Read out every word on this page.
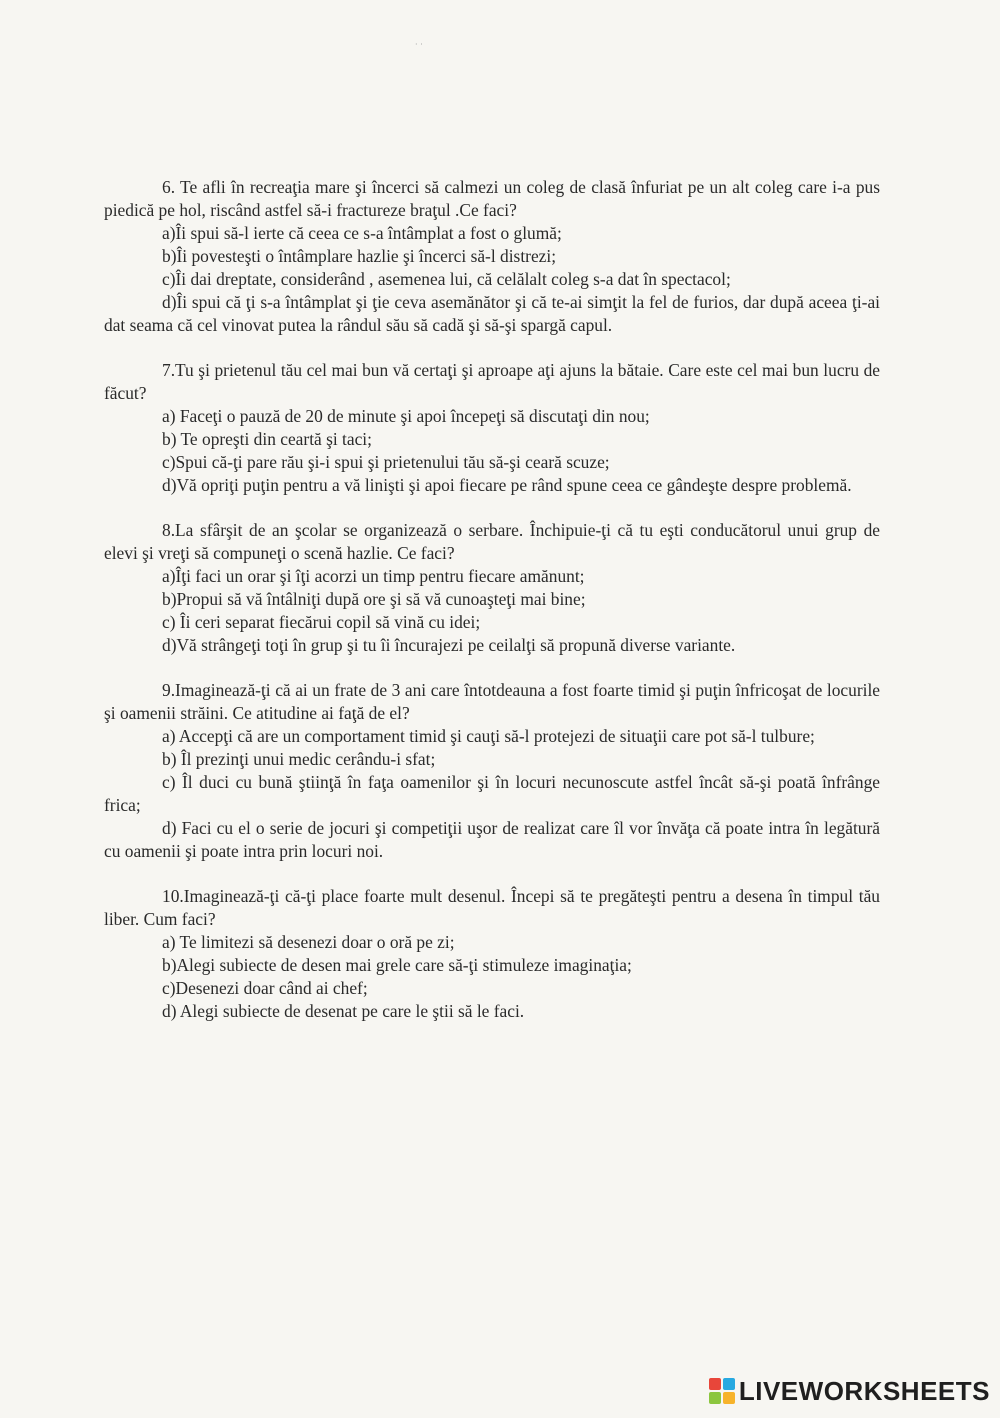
· ·

6. Te afli în recreaţia mare şi încerci să calmezi un coleg de clasă înfuriat pe un alt coleg care i-a pus piedică pe hol, riscând astfel să-i fractureze braţul .Ce faci?

a)Îi spui să-l ierte că ceea ce s-a întâmplat a fost o glumă;

b)Îi povesteşti o întâmplare hazlie şi încerci să-l distrezi;

c)Îi dai dreptate, considerând , asemenea lui, că celălalt coleg s-a dat în spectacol;

d)Îi spui că ţi s-a întâmplat şi ţie ceva asemănător şi că te-ai simţit la fel de furios, dar după aceea ţi-ai dat seama că cel vinovat putea la rândul său să cadă şi să-şi spargă capul.

7.Tu şi prietenul tău cel mai bun vă certaţi şi aproape aţi ajuns la bătaie. Care este cel mai bun lucru de făcut?

a) Faceţi o pauză de 20 de minute şi apoi începeţi să discutaţi din nou;

b) Te opreşti din ceartă şi taci;

c)Spui că-ţi pare rău şi-i spui şi prietenului tău să-şi ceară scuze;

d)Vă opriţi puţin pentru a vă linişti şi apoi fiecare pe rând spune ceea ce gândeşte despre problemă.

8.La sfârşit de an şcolar se organizează o serbare. Închipuie-ţi că tu eşti conducătorul unui grup de elevi şi vreţi să compuneţi o scenă hazlie. Ce faci?

a)Îţi faci un orar şi îţi acorzi un timp pentru fiecare amănunt;

b)Propui să vă întâlniţi după ore şi să vă cunoaşteţi mai bine;

c) Îi ceri separat fiecărui copil să vină cu idei;

d)Vă strângeţi toţi în grup şi tu îi încurajezi pe ceilalţi să propună diverse variante.

9.Imaginează-ţi că ai un frate de 3 ani care întotdeauna a fost foarte timid şi puţin înfricoşat de locurile şi oamenii străini. Ce atitudine ai faţă de el?

a) Accepţi că are un comportament timid şi cauţi să-l protejezi de situaţii care pot să-l tulbure;

b) Îl prezinţi unui medic cerându-i sfat;

c) Îl duci cu bună ştiinţă în faţa oamenilor şi în locuri necunoscute astfel încât să-şi poată înfrânge frica;

d) Faci cu el o serie de jocuri şi competiţii uşor de realizat care îl vor învăţa că poate intra în legătură cu oamenii şi poate intra prin locuri noi.

10.Imaginează-ţi că-ţi place foarte mult desenul. Începi să te pregăteşti pentru a desena în timpul tău liber. Cum faci?

a) Te limitezi să desenezi doar o oră pe zi;

b)Alegi subiecte de desen mai grele care să-ţi stimuleze imaginaţia;

c)Desenezi doar când ai chef;

d) Alegi subiecte de desenat pe care le ştii să le faci.

LIVEWORKSHEETS
